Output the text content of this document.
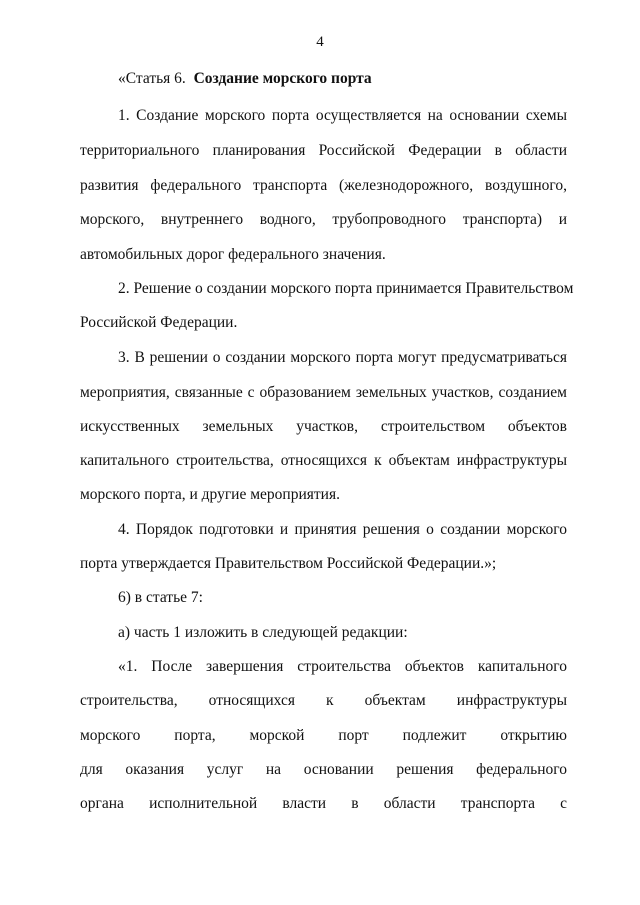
4
«Статья 6. Создание морского порта
1. Создание морского порта осуществляется на основании схемы
территориального планирования Российской Федерации в области
развития федерального транспорта (железнодорожного, воздушного,
морского, внутреннего водного, трубопроводного транспорта) и
автомобильных дорог федерального значения.
2. Решение о создании морского порта принимается Правительством
Российской Федерации.
3. В решении о создании морского порта могут предусматриваться
мероприятия, связанные с образованием земельных участков, созданием
искусственных земельных участков, строительством объектов
капитального строительства, относящихся к объектам инфраструктуры
морского порта, и другие мероприятия.
4. Порядок подготовки и принятия решения о создании морского
порта утверждается Правительством Российской Федерации.»;
6) в статье 7:
а) часть 1 изложить в следующей редакции:
«1. После завершения строительства объектов капитального
строительства, относящихся к объектам инфраструктуры
морского порта, морской порт подлежит открытию
для оказания услуг на основании решения федерального
органа исполнительной власти в области транспорта с
